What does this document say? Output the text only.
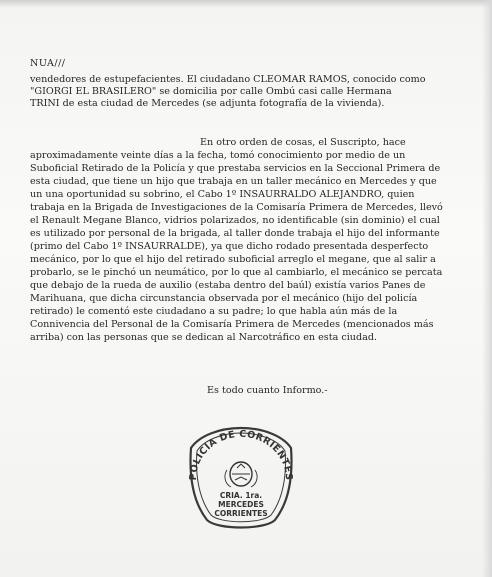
NUA///
vendedores de estupefacientes. El ciudadano CLEOMAR RAMOS, conocido como
"GIORGI EL BRASILERO" se domicilia por calle Ombú casi calle Hermana
TRINI de esta ciudad de Mercedes (se adjunta fotografía de la vivienda).
En otro orden de cosas, el Suscripto, hace
aproximadamente veinte días a la fecha, tomó conocimiento por medio de un
Suboficial Retirado de la Policía y que prestaba servicios en la Seccional Primera de
esta ciudad, que tiene un hijo que trabaja en un taller mecánico en Mercedes y que
un una oportunidad su sobrino, el Cabo 1º INSAURRALDO ALEJANDRO, quien
trabaja en la Brigada de Investigaciones de la Comisaría Primera de Mercedes, llevó
el Renault Megane Blanco, vidrios polarizados, no identificable (sin dominio) el cual
es utilizado por personal de la brigada, al taller donde trabaja el hijo del informante
(primo del Cabo 1º INSAURRALDE), ya que dicho rodado presentada desperfecto
mecánico, por lo que el hijo del retirado suboficial arreglo el megane, que al salir a
probarlo, se le pinchó un neumático, por lo que al cambiarlo, el mecánico se percata
que debajo de la rueda de auxilio (estaba dentro del baúl) existía varios Panes de
Marihuana, que dicha circunstancia observada por el mecánico (hijo del policía
retirado) le comentó este ciudadano a su padre; lo que habla aún más de la
Connivencia del Personal de la Comisaría Primera de Mercedes (mencionados más
arriba) con las personas que se dedican al Narcotráfico en esta ciudad.
Es todo cuanto Informo.-
POLICIA DE CORRIENTES
CRIA. 1ra.
MERCEDES
CORRIENTES
